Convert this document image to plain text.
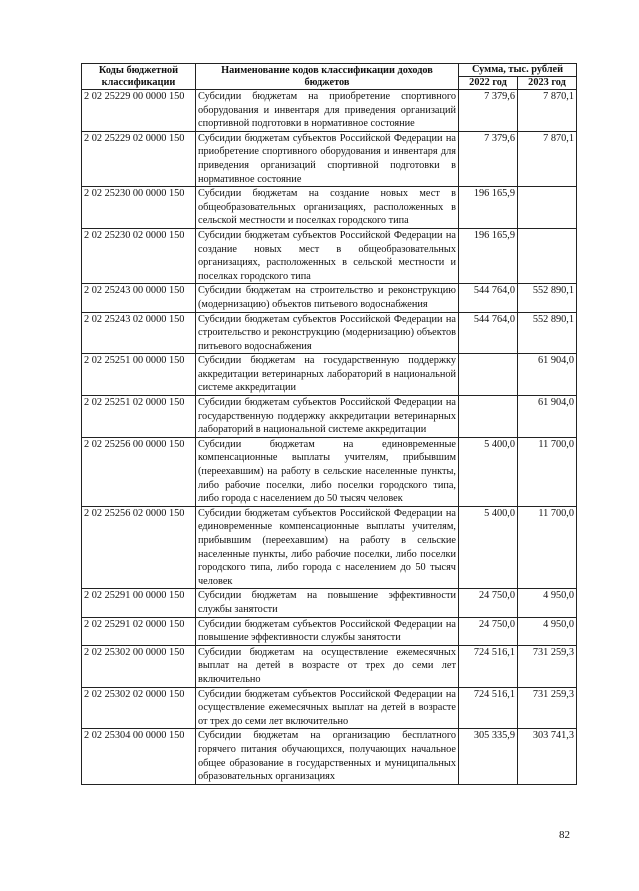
Коды бюджетной классификации	Наименование кодов классификации доходов бюджетов	Сумма, тыс. рублей	
		2022 год	2023 год
2 02 25229 00 0000 150	Субсидии бюджетам на приобретение спортивного оборудования и инвентаря для приведения организаций спортивной подготовки в нормативное состояние	7 379,6	7 870,1
2 02 25229 02 0000 150	Субсидии бюджетам субъектов Российской Федерации на приобретение спортивного оборудования и инвентаря для приведения организаций спортивной подготовки в нормативное состояние	7 379,6	7 870,1
2 02 25230 00 0000 150	Субсидии бюджетам на создание новых мест в общеобразовательных организациях, расположенных в сельской местности и поселках городского типа	196 165,9	
2 02 25230 02 0000 150	Субсидии бюджетам субъектов Российской Федерации на создание новых мест в общеобразовательных организациях, расположенных в сельской местности и поселках городского типа	196 165,9	
2 02 25243 00 0000 150	Субсидии бюджетам на строительство и реконструкцию (модернизацию) объектов питьевого водоснабжения	544 764,0	552 890,1
2 02 25243 02 0000 150	Субсидии бюджетам субъектов Российской Федерации на строительство и реконструкцию (модернизацию) объектов питьевого водоснабжения	544 764,0	552 890,1
2 02 25251 00 0000 150	Субсидии бюджетам на государственную поддержку аккредитации ветеринарных лабораторий в национальной системе аккредитации		61 904,0
2 02 25251 02 0000 150	Субсидии бюджетам субъектов Российской Федерации на государственную поддержку аккредитации ветеринарных лабораторий в национальной системе аккредитации		61 904,0
2 02 25256 00 0000 150	Субсидии бюджетам на единовременные компенсационные выплаты учителям, прибывшим (переехавшим) на работу в сельские населенные пункты, либо рабочие поселки, либо поселки городского типа, либо города с населением до 50 тысяч человек	5 400,0	11 700,0
2 02 25256 02 0000 150	Субсидии бюджетам субъектов Российской Федерации на единовременные компенсационные выплаты учителям, прибывшим (переехавшим) на работу в сельские населенные пункты, либо рабочие поселки, либо поселки городского типа, либо города с населением до 50 тысяч человек	5 400,0	11 700,0
2 02 25291 00 0000 150	Субсидии бюджетам на повышение эффективности службы занятости	24 750,0	4 950,0
2 02 25291 02 0000 150	Субсидии бюджетам субъектов Российской Федерации на повышение эффективности службы занятости	24 750,0	4 950,0
2 02 25302 00 0000 150	Субсидии бюджетам на осуществление ежемесячных выплат на детей в возрасте от трех до семи лет включительно	724 516,1	731 259,3
2 02 25302 02 0000 150	Субсидии бюджетам субъектов Российской Федерации на осуществление ежемесячных выплат на детей в возрасте от трех до семи лет включительно	724 516,1	731 259,3
2 02 25304 00 0000 150	Субсидии бюджетам на организацию бесплатного горячего питания обучающихся, получающих начальное общее образование в государственных и муниципальных образовательных организациях	305 335,9	303 741,3
82
